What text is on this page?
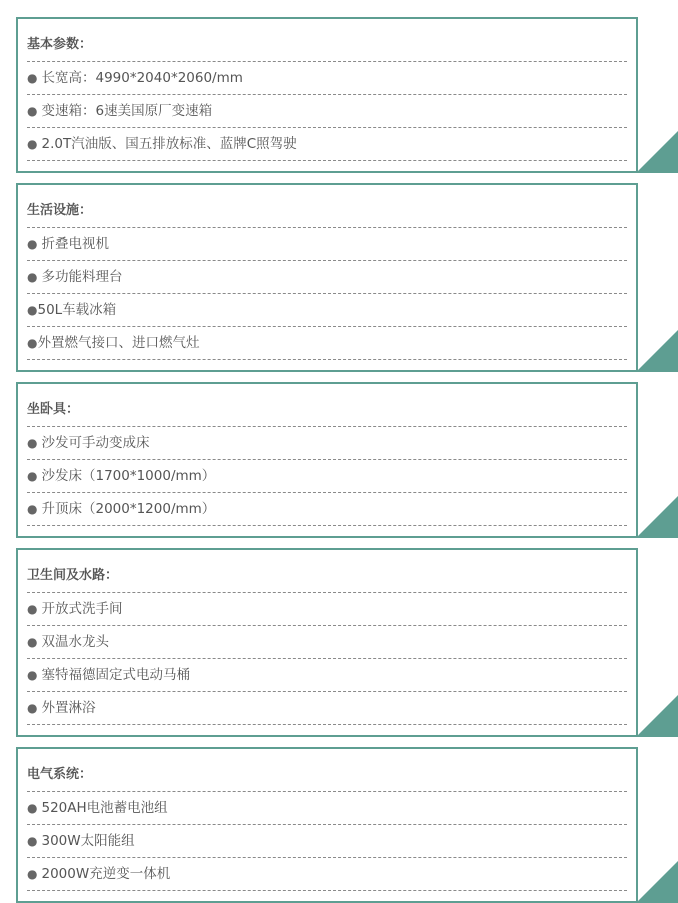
基本参数：
● 长宽高：4990*2040*2060/mm
● 变速箱：6速美国原厂变速箱
● 2.0T汽油版、国五排放标准、蓝牌C照驾驶
生活设施：
● 折叠电视机
● 多功能料理台
●50L车载冰箱
●外置燃气接口、进口燃气灶
坐卧具：
● 沙发可手动变成床
● 沙发床（1700*1000/mm）
● 升顶床（2000*1200/mm）
卫生间及水路：
● 开放式洗手间
● 双温水龙头
● 塞特福德固定式电动马桶
● 外置淋浴
电气系统：
● 520AH电池蓄电池组
● 300W太阳能组
● 2000W充逆变一体机
